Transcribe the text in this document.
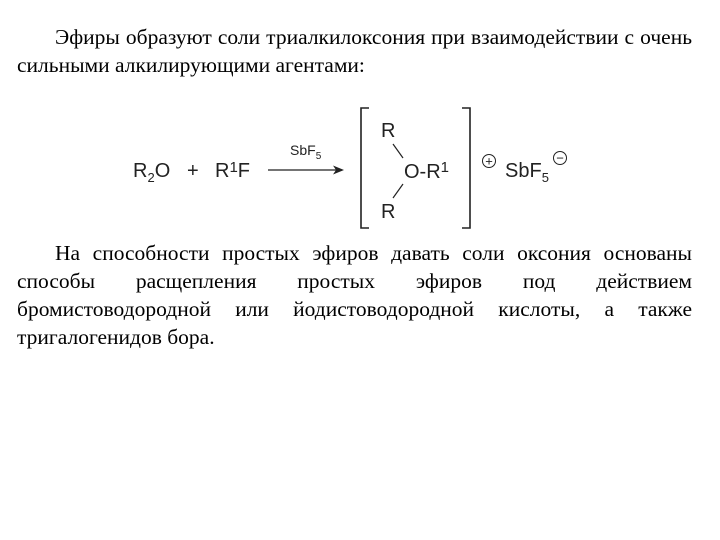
Эфиры образуют соли триалкилоксония при взаимодействии с очень сильными алкилирующими агентами:
$R_2O + R^1F$
SbF$_5$
R
$O-R^1$
R
+ SbF$_5$
−
На способности простых эфиров давать соли оксония основаны способы расщепления простых эфиров под действием бромистоводородной или йодистоводородной кислоты, а также тригалогенидов бора.
